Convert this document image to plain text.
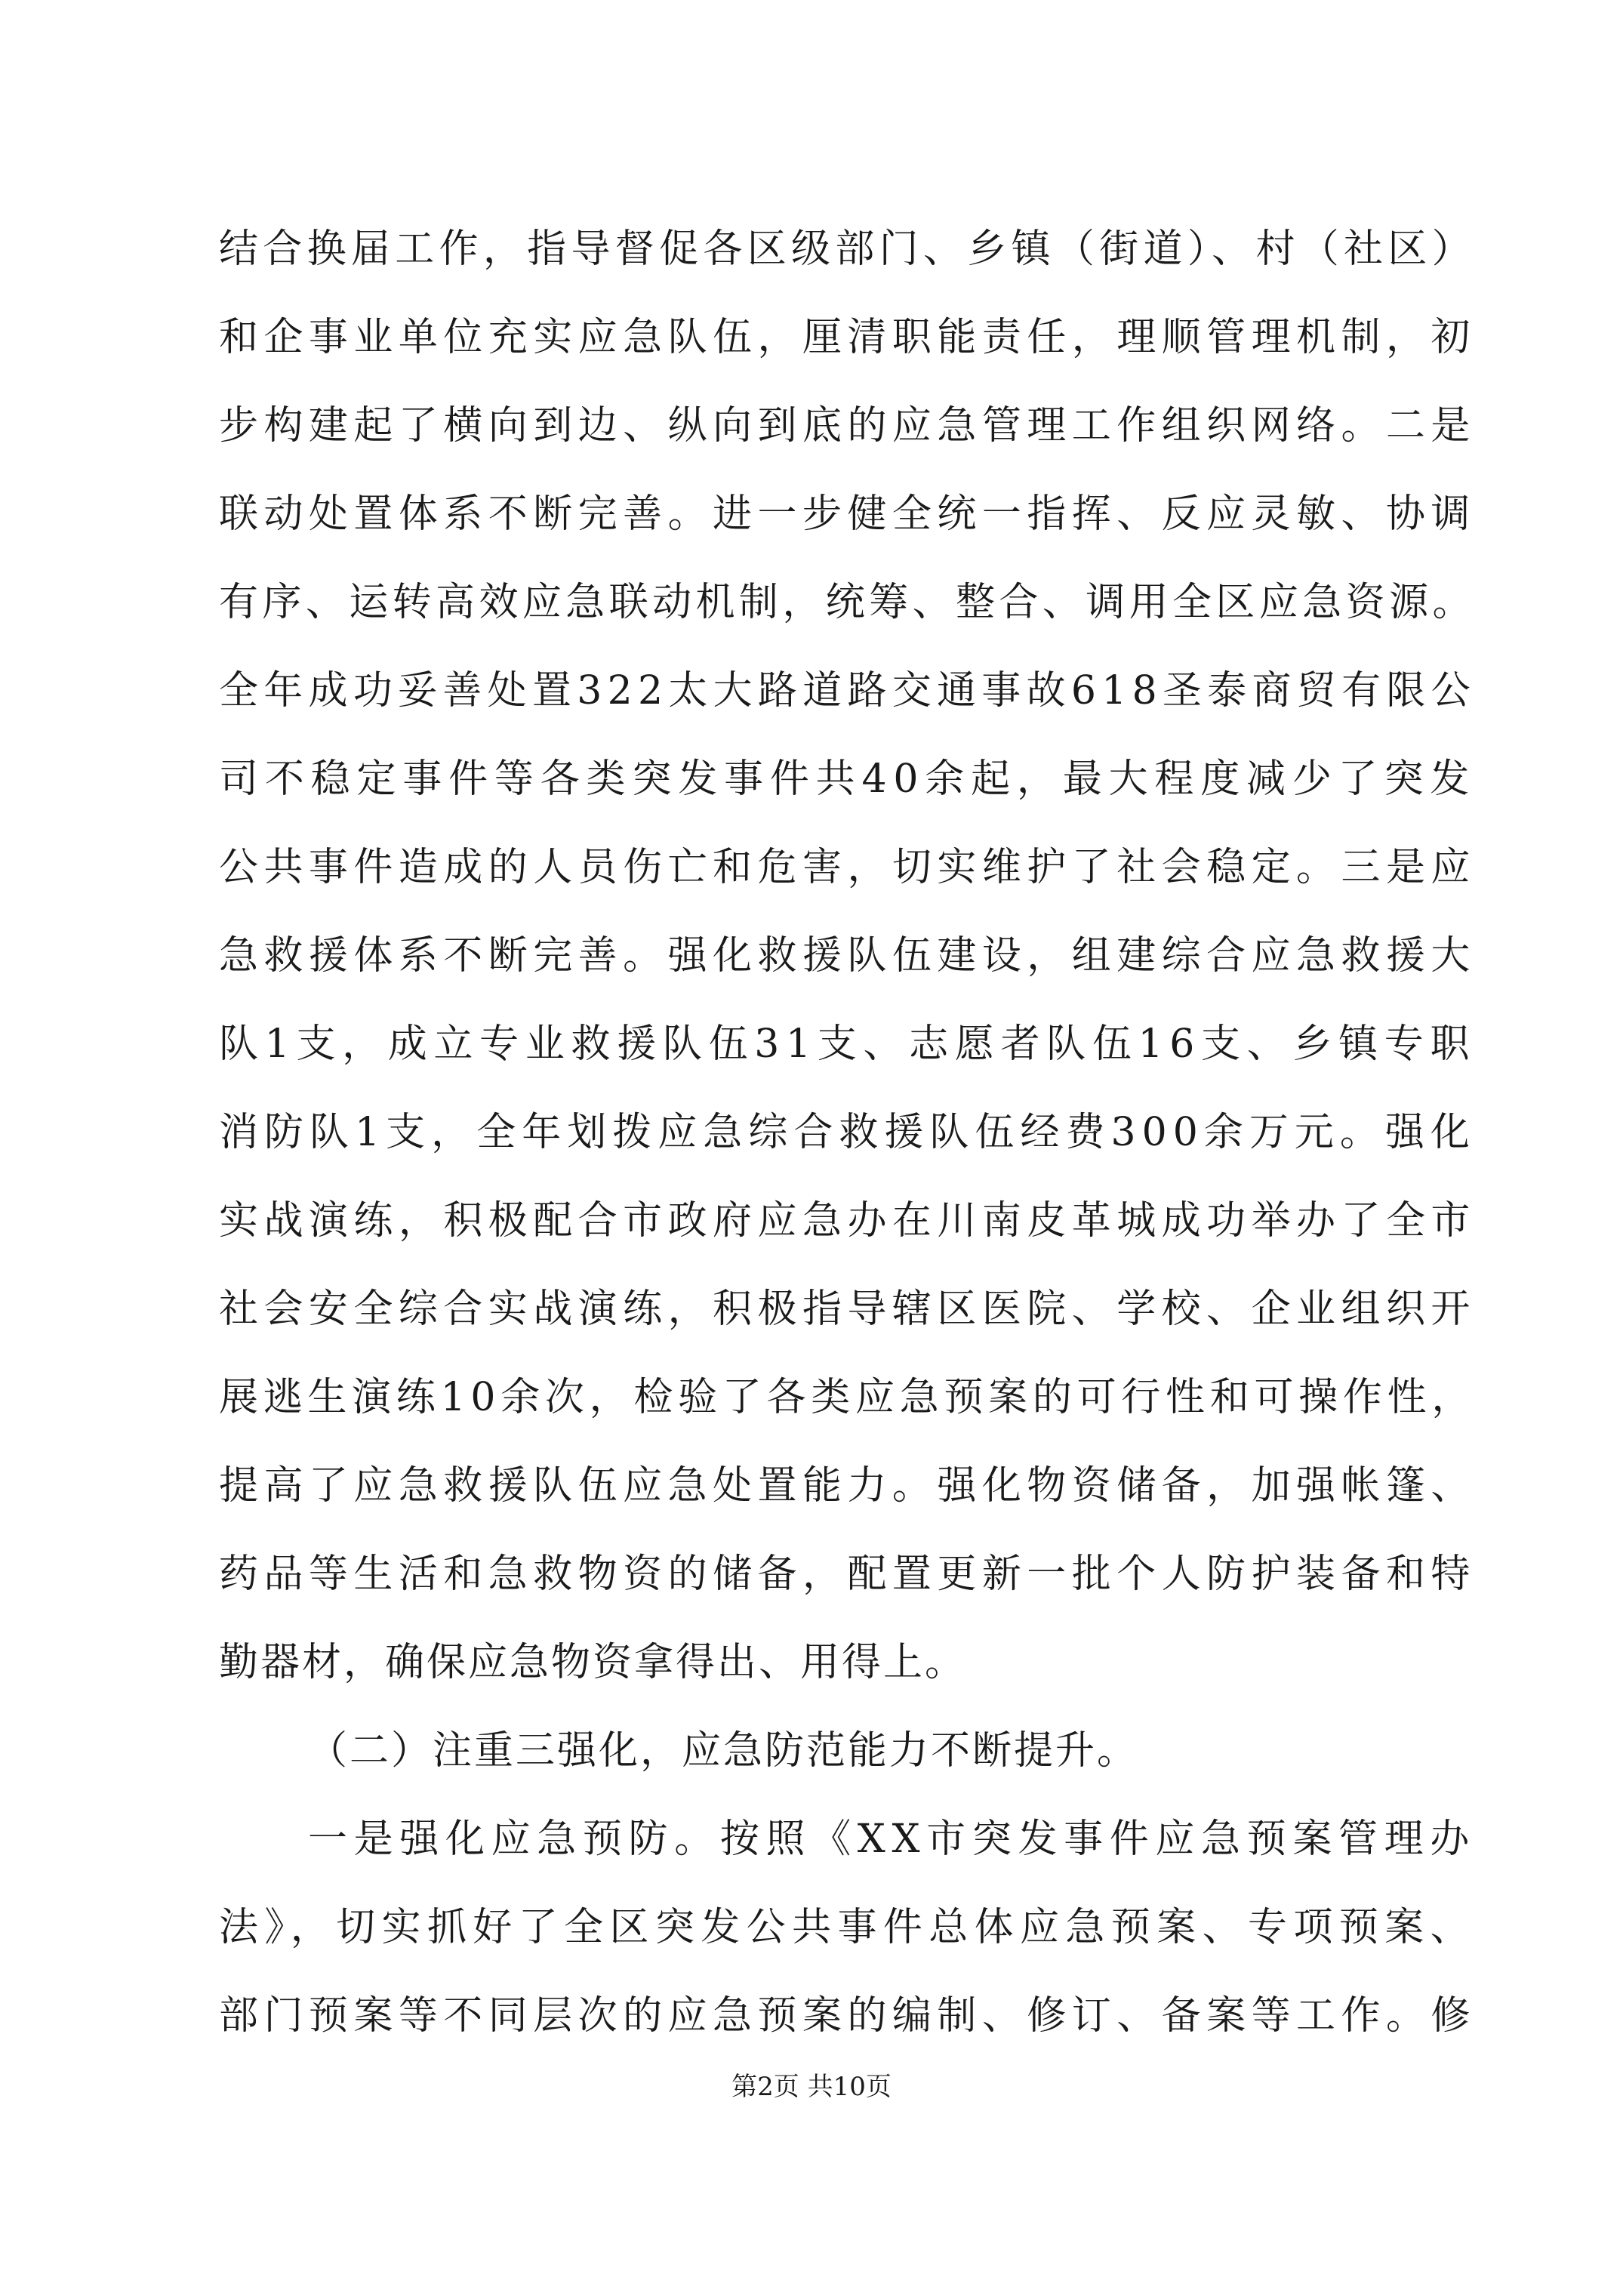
结合换届工作，指导督促各区级部门、乡镇（街道）、村（社区）
和企事业单位充实应急队伍，厘清职能责任，理顺管理机制，初
步构建起了横向到边、纵向到底的应急管理工作组织网络。二是
联动处置体系不断完善。进一步健全统一指挥、反应灵敏、协调
有序、运转高效应急联动机制，统筹、整合、调用全区应急资源。
全年成功妥善处置322太大路道路交通事故618圣泰商贸有限公
司不稳定事件等各类突发事件共40余起，最大程度减少了突发
公共事件造成的人员伤亡和危害，切实维护了社会稳定。三是应
急救援体系不断完善。强化救援队伍建设，组建综合应急救援大
队1支，成立专业救援队伍31支、志愿者队伍16支、乡镇专职
消防队1支，全年划拨应急综合救援队伍经费300余万元。强化
实战演练，积极配合市政府应急办在川南皮革城成功举办了全市
社会安全综合实战演练，积极指导辖区医院、学校、企业组织开
展逃生演练10余次，检验了各类应急预案的可行性和可操作性，
提高了应急救援队伍应急处置能力。强化物资储备，加强帐篷、
药品等生活和急救物资的储备，配置更新一批个人防护装备和特
勤器材，确保应急物资拿得出、用得上。
（二）注重三强化，应急防范能力不断提升。
一是强化应急预防。按照《XX市突发事件应急预案管理办
法》，切实抓好了全区突发公共事件总体应急预案、专项预案、
部门预案等不同层次的应急预案的编制、修订、备案等工作。修
第2页 共10页
